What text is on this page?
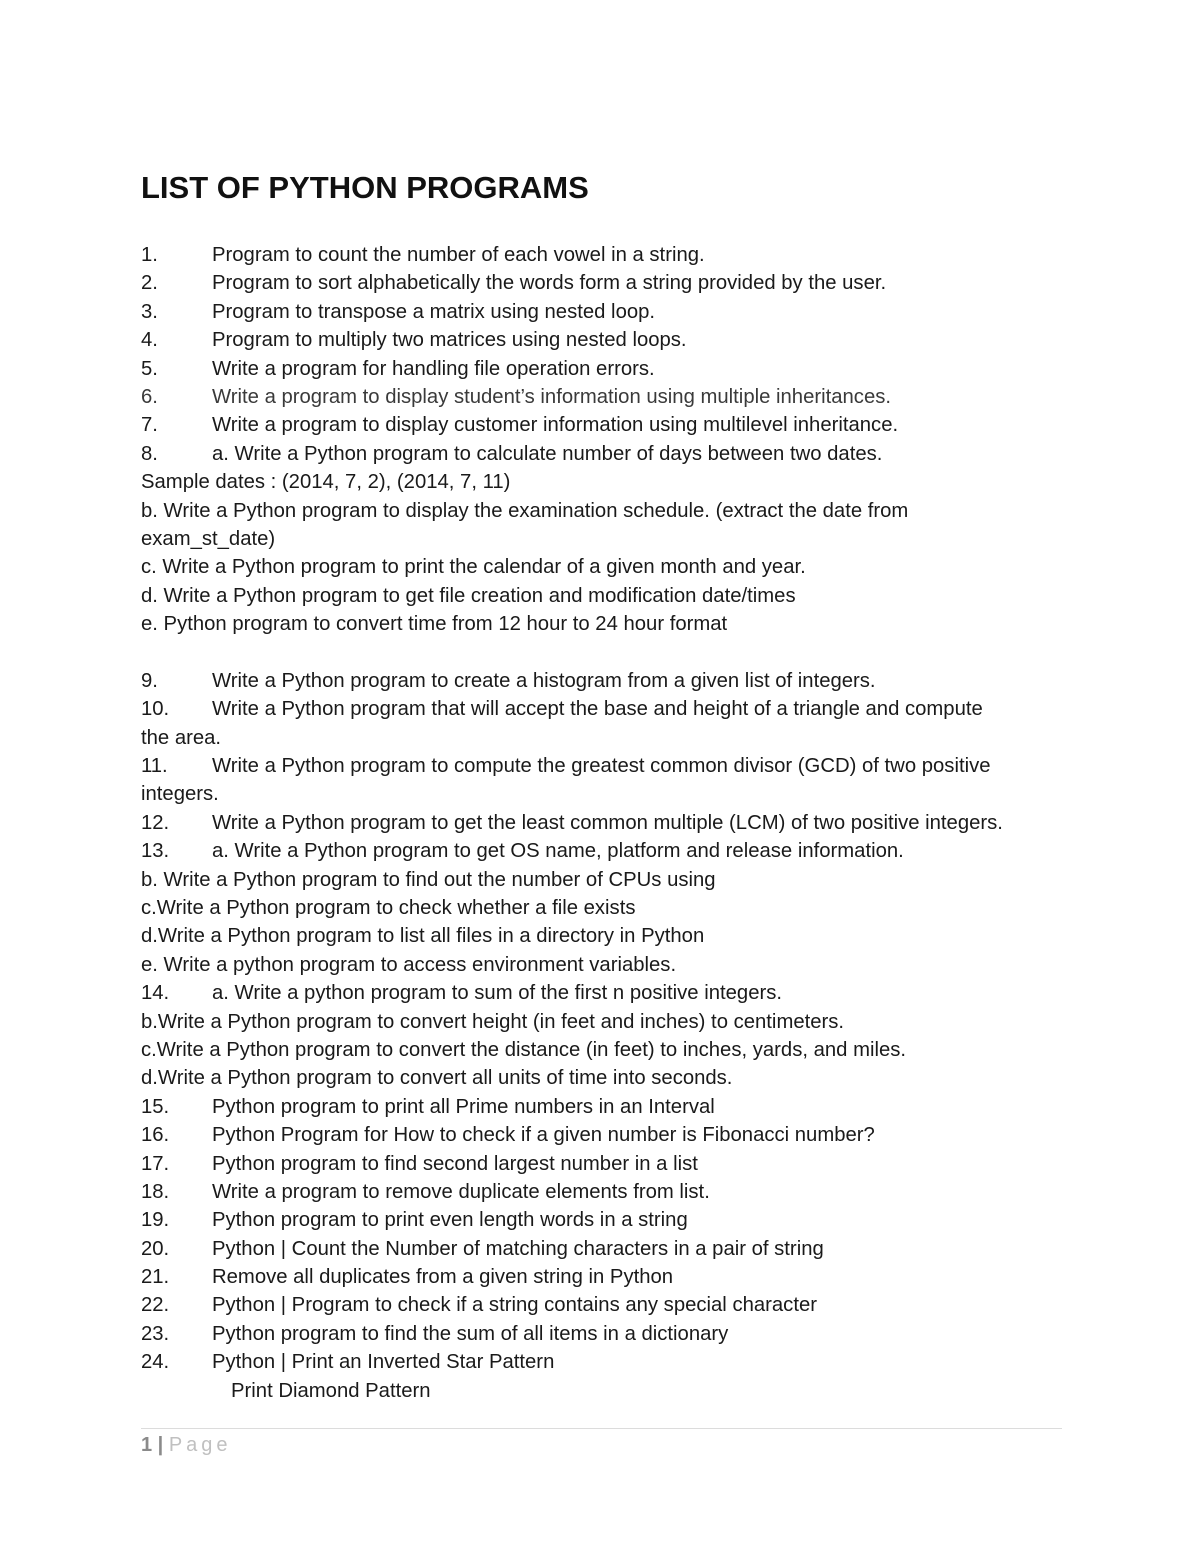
LIST OF PYTHON PROGRAMS
1.	Program to count the number of each vowel in a string.
2.	Program to sort alphabetically the words form a string provided by the user.
3.	Program to transpose a matrix using nested loop.
4.	Program to multiply two matrices using nested loops.
5.	Write a program for handling file operation errors.
6.	Write a program to display student’s information using multiple inheritances.
7.	Write a program to display customer information using multilevel inheritance.
8.	a. Write a Python program to calculate number of days between two dates.
Sample dates : (2014, 7, 2), (2014, 7, 11)
b. Write a Python program to display the examination schedule. (extract the date from
exam_st_date)
c. Write a Python program to print the calendar of a given month and year.
d. Write a Python program to get file creation and modification date/times
e. Python program to convert time from 12 hour to 24 hour format
9.	Write a Python program to create a histogram from a given list of integers.
10. Write a Python program that will accept the base and height of a triangle and compute
the area.
11. Write a Python program to compute the greatest common divisor (GCD) of two positive
integers.
12. Write a Python program to get the least common multiple (LCM) of two positive integers.
13. a. Write a Python program to get OS name, platform and release information.
b. Write a Python program to find out the number of CPUs using
c.Write a Python program to check whether a file exists
d.Write a Python program to list all files in a directory in Python
e. Write a python program to access environment variables.
14. a. Write a python program to sum of the first n positive integers.
b.Write a Python program to convert height (in feet and inches) to centimeters.
c.Write a Python program to convert the distance (in feet) to inches, yards, and miles.
d.Write a Python program to convert all units of time into seconds.
15. Python program to print all Prime numbers in an Interval
16. Python Program for How to check if a given number is Fibonacci number?
17. Python program to find second largest number in a list
18. Write a program to remove duplicate elements from list.
19. Python program to print even length words in a string
20. Python | Count the Number of matching characters in a pair of string
21. Remove all duplicates from a given string in Python
22. Python | Program to check if a string contains any special character
23. Python program to find the sum of all items in a dictionary
24. Python | Print an Inverted Star Pattern
Print Diamond Pattern
1 | Page
